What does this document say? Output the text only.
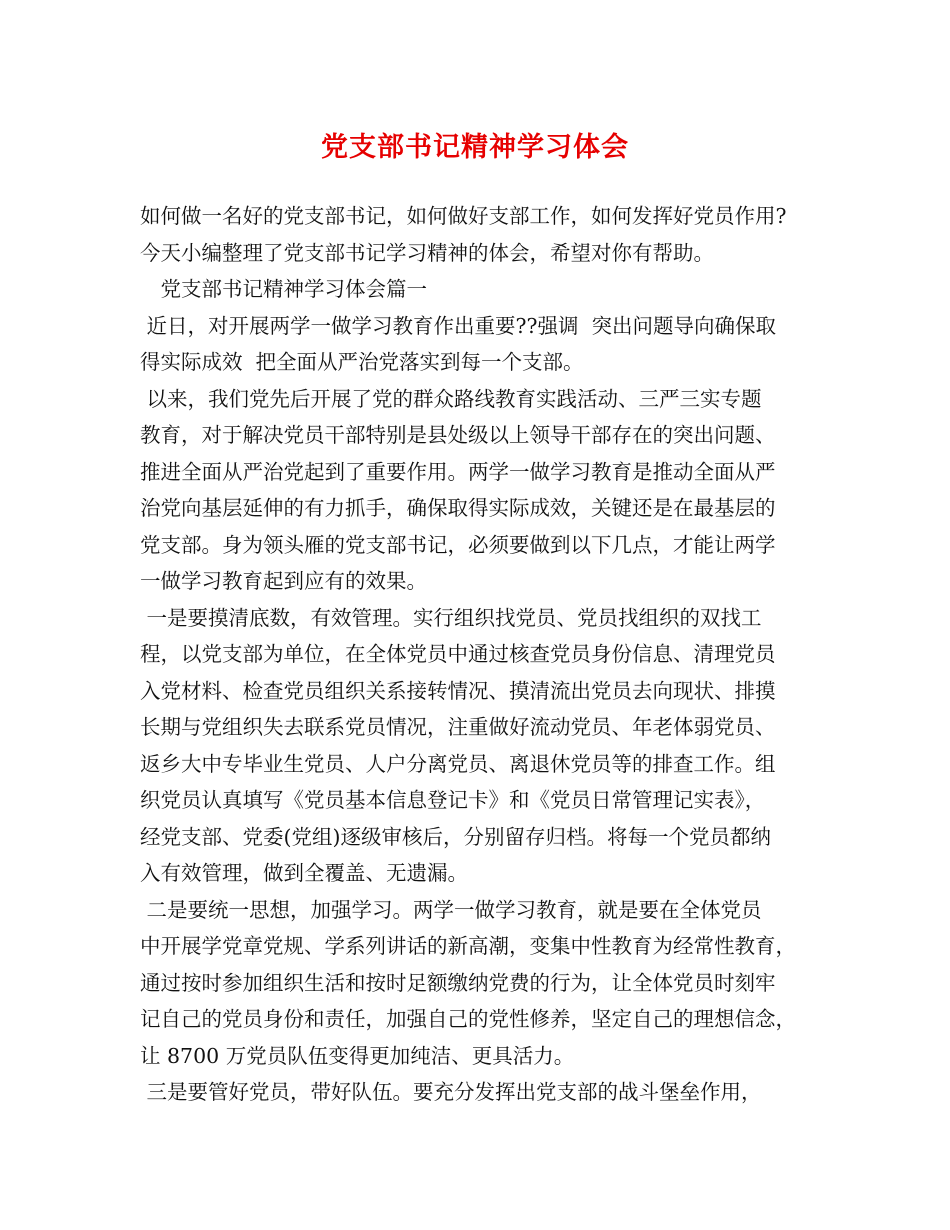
党支部书记精神学习体会
如何做一名好的党支部书记，如何做好支部工作，如何发挥好党员作用?
今天小编整理了党支部书记学习精神的体会，希望对你有帮助。
　党支部书记精神学习体会篇一
近日，对开展两学一做学习教育作出重要??强调  突出问题导向确保取
得实际成效  把全面从严治党落实到每一个支部。
以来，我们党先后开展了党的群众路线教育实践活动、三严三实专题
教育，对于解决党员干部特别是县处级以上领导干部存在的突出问题、
推进全面从严治党起到了重要作用。两学一做学习教育是推动全面从严
治党向基层延伸的有力抓手，确保取得实际成效，关键还是在最基层的
党支部。身为领头雁的党支部书记，必须要做到以下几点，才能让两学
一做学习教育起到应有的效果。
一是要摸清底数，有效管理。实行组织找党员、党员找组织的双找工
程，以党支部为单位，在全体党员中通过核查党员身份信息、清理党员
入党材料、检查党员组织关系接转情况、摸清流出党员去向现状、排摸
长期与党组织失去联系党员情况，注重做好流动党员、年老体弱党员、
返乡大中专毕业生党员、人户分离党员、离退休党员等的排查工作。组
织党员认真填写《党员基本信息登记卡》和《党员日常管理记实表》，
经党支部、党委(党组)逐级审核后，分别留存归档。将每一个党员都纳
入有效管理，做到全覆盖、无遗漏。
二是要统一思想，加强学习。两学一做学习教育，就是要在全体党员
中开展学党章党规、学系列讲话的新高潮，变集中性教育为经常性教育，
通过按时参加组织生活和按时足额缴纳党费的行为，让全体党员时刻牢
记自己的党员身份和责任，加强自己的党性修养，坚定自己的理想信念，
让 8700 万党员队伍变得更加纯洁、更具活力。
三是要管好党员，带好队伍。要充分发挥出党支部的战斗堡垒作用，
